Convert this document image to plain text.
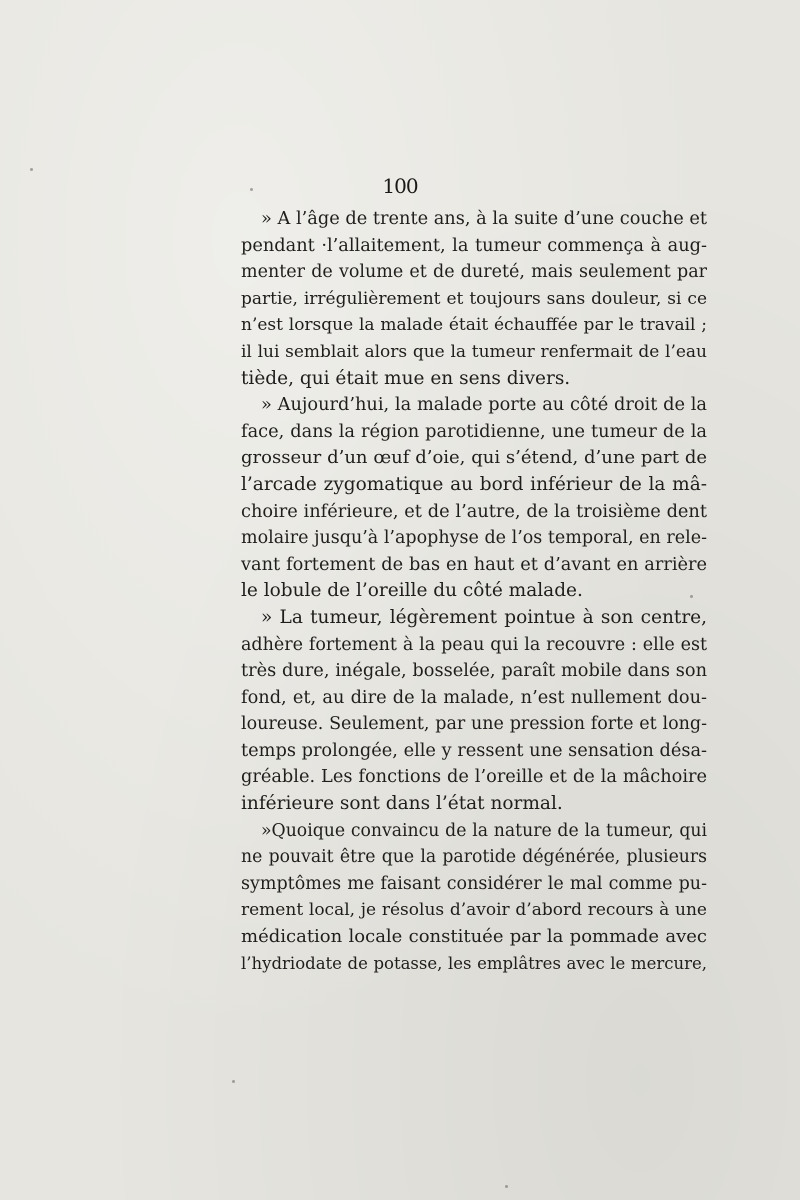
100
» A l’âge de trente ans, à la suite d’une couche et
pendant ·l’allaitement, la tumeur commença à aug-
menter de volume et de dureté, mais seulement par
partie, irrégulièrement et toujours sans douleur, si ce
n’est lorsque la malade était échauffée par le travail ;
il lui semblait alors que la tumeur renfermait de l’eau
tiède, qui était mue en sens divers.
» Aujourd’hui, la malade porte au côté droit de la
face, dans la région parotidienne, une tumeur de la
grosseur d’un œuf d’oie, qui s’étend, d’une part de
l’arcade zygomatique au bord inférieur de la mâ-
choire inférieure, et de l’autre, de la troisième dent
molaire jusqu’à l’apophyse de l’os temporal, en rele-
vant fortement de bas en haut et d’avant en arrière
le lobule de l’oreille du côté malade.
» La tumeur, légèrement pointue à son centre,
adhère fortement à la peau qui la recouvre : elle est
très dure, inégale, bosselée, paraît mobile dans son
fond, et, au dire de la malade, n’est nullement dou-
loureuse. Seulement, par une pression forte et long-
temps prolongée, elle y ressent une sensation désa-
gréable. Les fonctions de l’oreille et de la mâchoire
inférieure sont dans l’état normal.
»Quoique convaincu de la nature de la tumeur, qui
ne pouvait être que la parotide dégénérée, plusieurs
symptômes me faisant considérer le mal comme pu-
rement local, je résolus d’avoir d’abord recours à une
médication locale constituée par la pommade avec
l’hydriodate de potasse, les emplâtres avec le mercure,
